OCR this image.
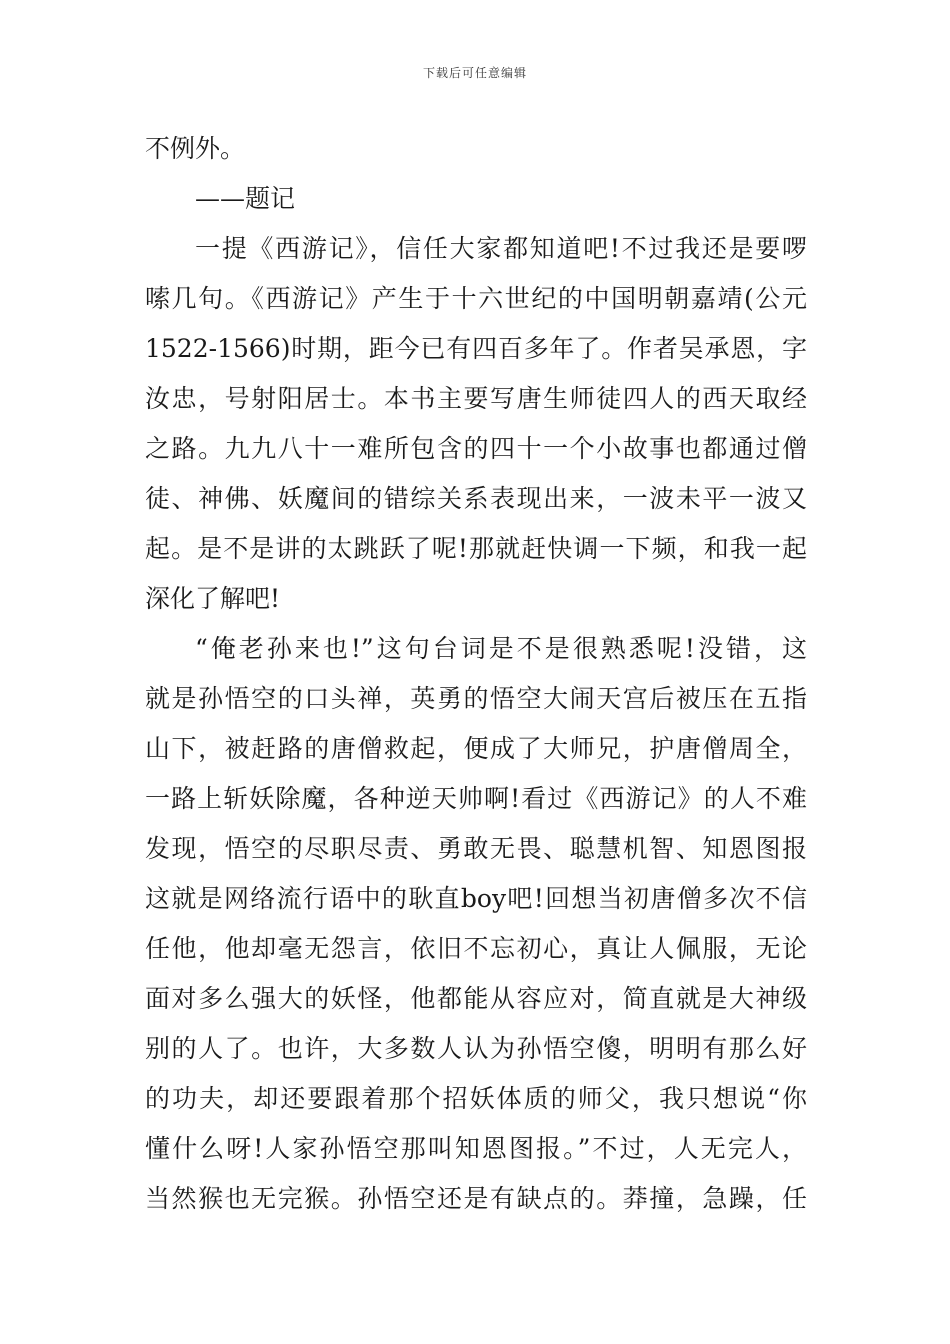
下载后可任意编辑
不例外。
——题记
一提《西游记》，信任大家都知道吧!不过我还是要啰
嗦几句。《西游记》产生于十六世纪的中国明朝嘉靖(公元
1522-1566)时期，距今已有四百多年了。作者吴承恩，字
汝忠，号射阳居士。本书主要写唐生师徒四人的西天取经
之路。九九八十一难所包含的四十一个小故事也都通过僧
徒、神佛、妖魔间的错综关系表现出来，一波未平一波又
起。是不是讲的太跳跃了呢!那就赶快调一下频，和我一起
深化了解吧!
“俺老孙来也!”这句台词是不是很熟悉呢!没错，这
就是孙悟空的口头禅，英勇的悟空大闹天宫后被压在五指
山下，被赶路的唐僧救起，便成了大师兄，护唐僧周全，
一路上斩妖除魔，各种逆天帅啊!看过《西游记》的人不难
发现，悟空的尽职尽责、勇敢无畏、聪慧机智、知恩图报
这就是网络流行语中的耿直boy吧!回想当初唐僧多次不信
任他，他却毫无怨言，依旧不忘初心，真让人佩服，无论
面对多么强大的妖怪，他都能从容应对，简直就是大神级
别的人了。也许，大多数人认为孙悟空傻，明明有那么好
的功夫，却还要跟着那个招妖体质的师父，我只想说“你
懂什么呀!人家孙悟空那叫知恩图报。”不过，人无完人，
当然猴也无完猴。孙悟空还是有缺点的。莽撞，急躁，任
